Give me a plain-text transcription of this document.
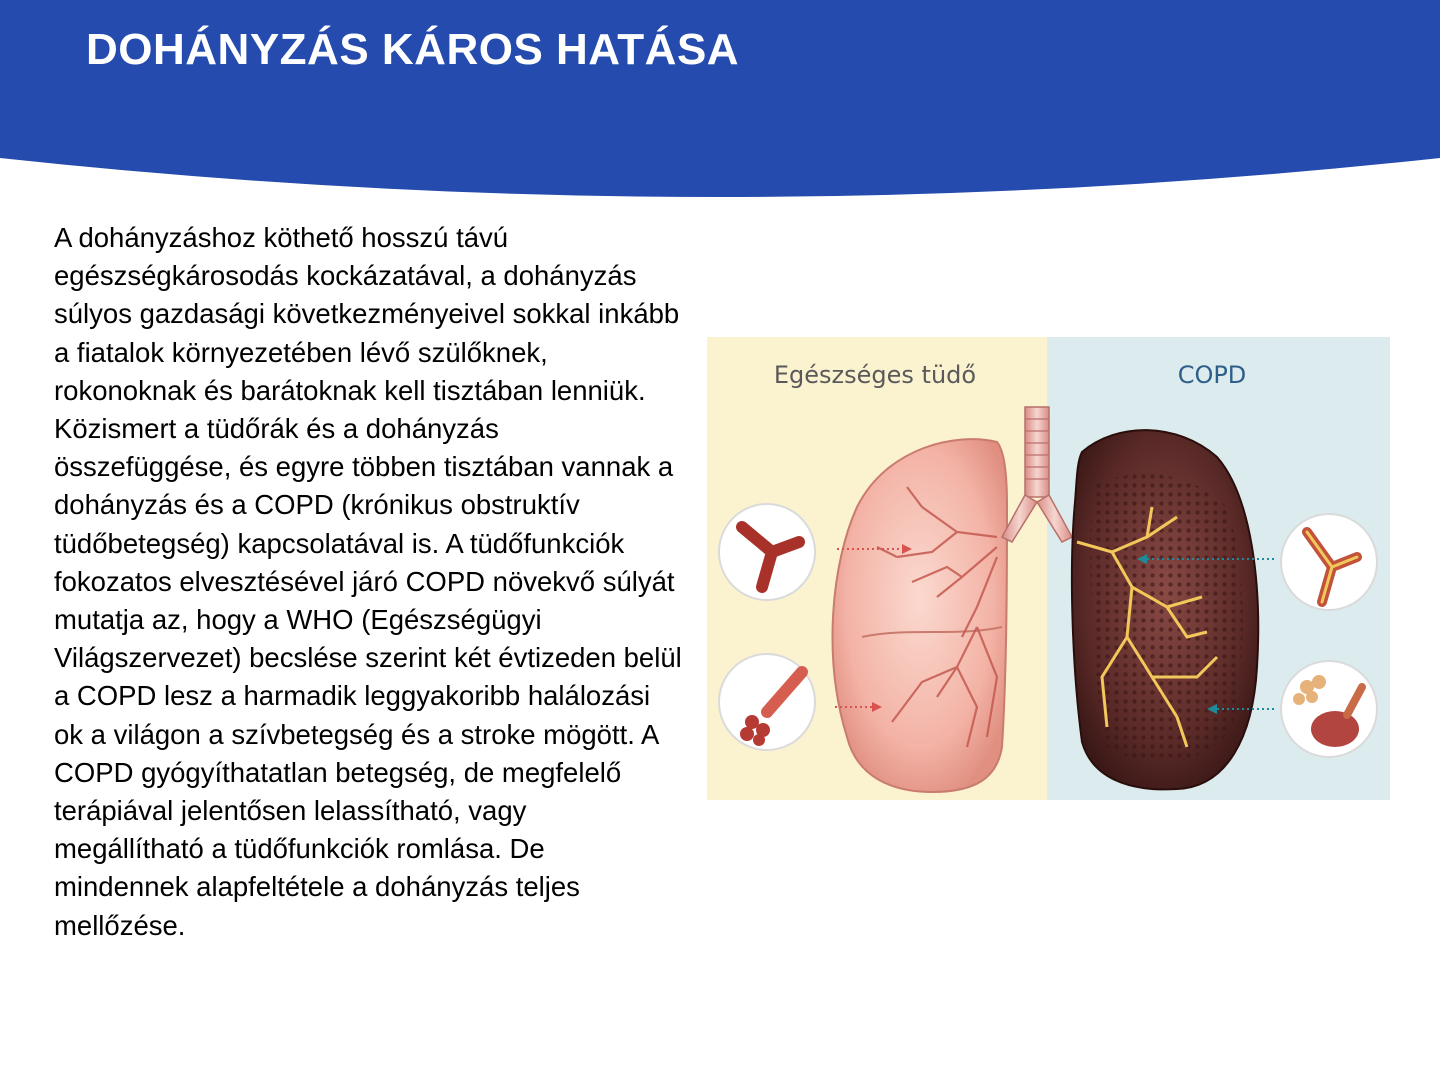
DOHÁNYZÁS KÁROS HATÁSA

A dohányzáshoz köthető hosszú távú egészségkárosodás kockázatával, a dohányzás súlyos gazdasági következményeivel sokkal inkább a fiatalok környezetében lévő szülőknek, rokonoknak és barátoknak kell tisztában lenniük. Közismert a tüdőrák és a dohányzás összefüggése, és egyre többen tisztában vannak a dohányzás és a COPD (krónikus obstruktív tüdőbetegség) kapcsolatával is. A tüdőfunkciók fokozatos elvesztésével járó COPD növekvő súlyát mutatja az, hogy a WHO (Egészségügyi Világszervezet) becslése szerint két évtizeden belül a COPD lesz a harmadik leggyakoribb halálozási ok a világon a szívbetegség és a stroke mögött. A COPD gyógyíthatatlan betegség, de megfelelő terápiával jelentősen lelassítható, vagy megállítható a tüdőfunkciók romlása. De mindennek alapfeltétele a dohányzás teljes mellőzése.

Egészséges tüdő	COPD
